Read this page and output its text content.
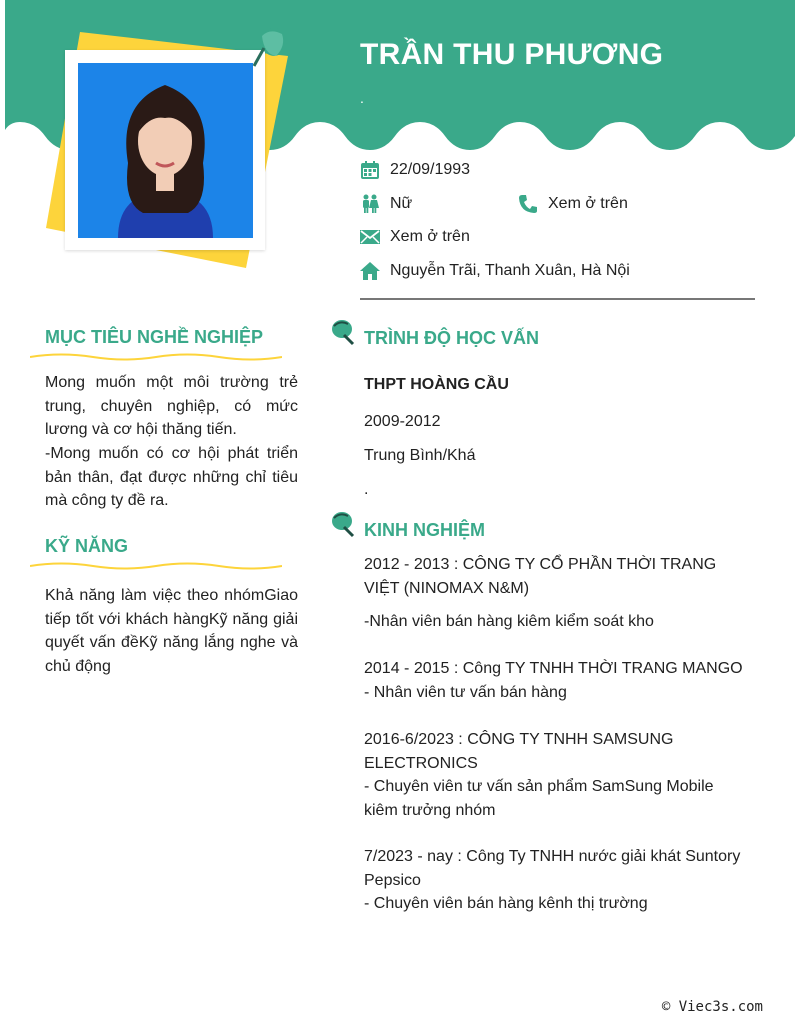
TRẦN THU PHƯƠNG
.
22/09/1993
Nữ	Xem ở trên
Xem ở trên
Nguyễn Trãi, Thanh Xuân, Hà Nội
MỤC TIÊU NGHỀ NGHIỆP
Mong muốn một môi trường trẻ trung, chuyên nghiệp, có mức lương và cơ hội thăng tiến.
-Mong muốn có cơ hội phát triển bản thân, đạt được những chỉ tiêu mà công ty đề ra.
KỸ NĂNG
Khả năng làm việc theo nhómGiao tiếp tốt với khách hàngKỹ năng giải quyết vấn đềKỹ năng lắng nghe và chủ động
TRÌNH ĐỘ HỌC VẤN
THPT HOÀNG CẦU
2009-2012
Trung Bình/Khá
.
KINH NGHIỆM
2012 - 2013 : CÔNG TY CỔ PHẦN THỜI TRANG VIỆT (NINOMAX N&M)
-Nhân viên bán hàng kiêm kiểm soát kho
2014 - 2015 : Công TY TNHH THỜI TRANG MANGO
- Nhân viên tư vấn bán hàng
2016-6/2023 : CÔNG TY TNHH SAMSUNG ELECTRONICS
- Chuyên viên tư vấn sản phẩm SamSung Mobile kiêm trưởng nhóm
7/2023 - nay : Công Ty TNHH nước giải khát Suntory Pepsico
- Chuyên viên bán hàng kênh thị trường
© Viec3s.com
